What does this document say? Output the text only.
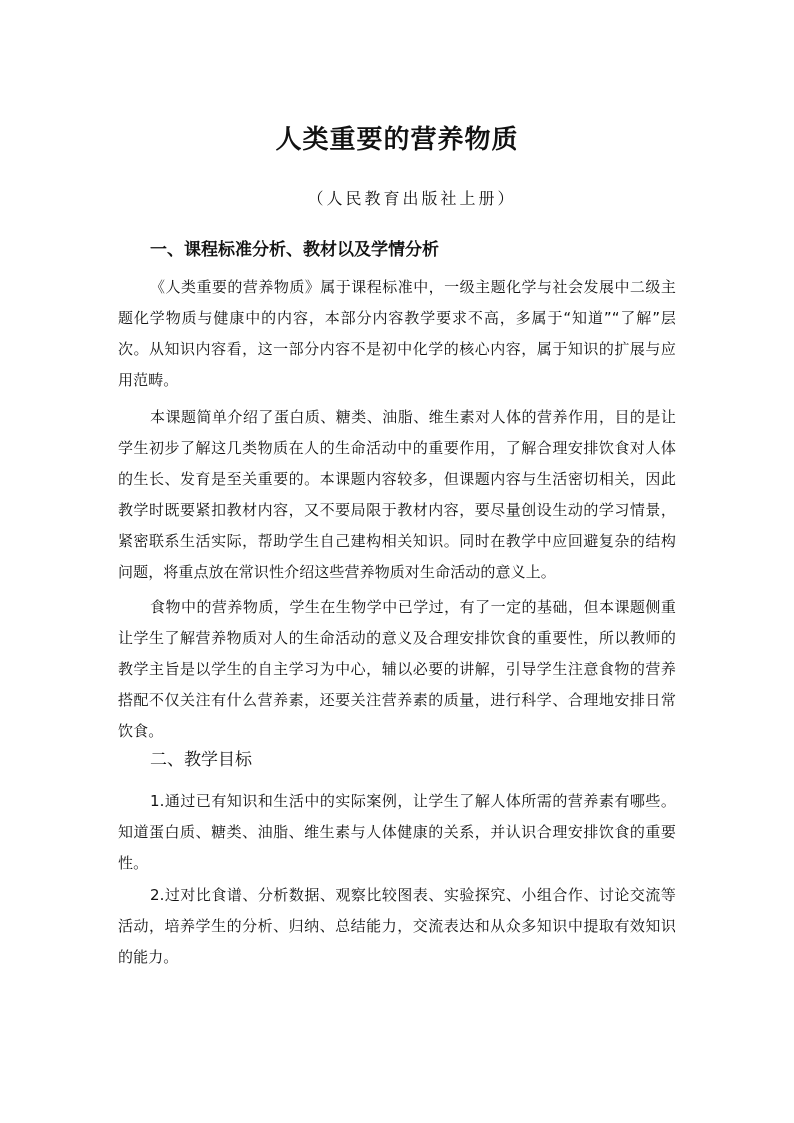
人类重要的营养物质
（人民教育出版社上册）
一、课程标准分析、教材以及学情分析
《人类重要的营养物质》属于课程标准中，一级主题化学与社会发展中二级主题化学物质与健康中的内容，本部分内容教学要求不高，多属于“知道”“了解”层次。从知识内容看，这一部分内容不是初中化学的核心内容，属于知识的扩展与应用范畴。
本课题简单介绍了蛋白质、糖类、油脂、维生素对人体的营养作用，目的是让学生初步了解这几类物质在人的生命活动中的重要作用，了解合理安排饮食对人体的生长、发育是至关重要的。本课题内容较多，但课题内容与生活密切相关，因此教学时既要紧扣教材内容，又不要局限于教材内容，要尽量创设生动的学习情景，紧密联系生活实际，帮助学生自己建构相关知识。同时在教学中应回避复杂的结构问题，将重点放在常识性介绍这些营养物质对生命活动的意义上。
食物中的营养物质，学生在生物学中已学过，有了一定的基础，但本课题侧重让学生了解营养物质对人的生命活动的意义及合理安排饮食的重要性，所以教师的教学主旨是以学生的自主学习为中心，辅以必要的讲解，引导学生注意食物的营养搭配不仅关注有什么营养素，还要关注营养素的质量，进行科学、合理地安排日常饮食。
二、教学目标
1.通过已有知识和生活中的实际案例，让学生了解人体所需的营养素有哪些。知道蛋白质、糖类、油脂、维生素与人体健康的关系，并认识合理安排饮食的重要性。
2.过对比食谱、分析数据、观察比较图表、实验探究、小组合作、讨论交流等活动，培养学生的分析、归纳、总结能力，交流表达和从众多知识中提取有效知识的能力。
